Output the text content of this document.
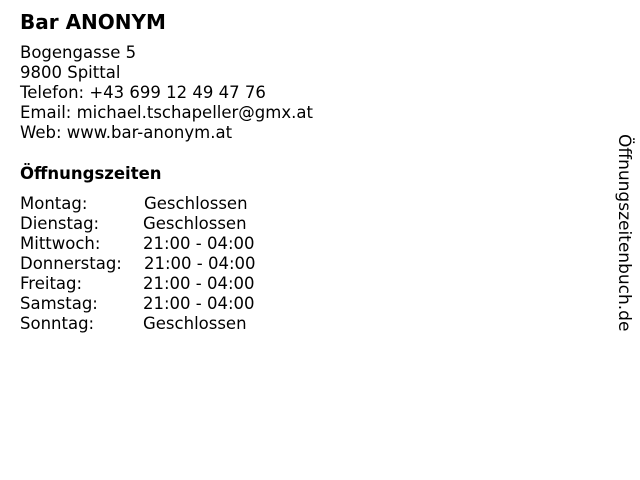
Bar ANONYM
Bogengasse 5
9800 Spittal
Telefon: +43 699 12 49 47 76
Email: michael.tschapeller@gmx.at
Web: www.bar-anonym.at
Öffnungszeiten
Montag:	Geschlossen
Dienstag:	Geschlossen
Mittwoch:	21:00 - 04:00
Donnerstag: 21:00 - 04:00
Freitag:	21:00 - 04:00
Samstag:	21:00 - 04:00
Sonntag:	Geschlossen	Öffnungszeitenbuch.de
